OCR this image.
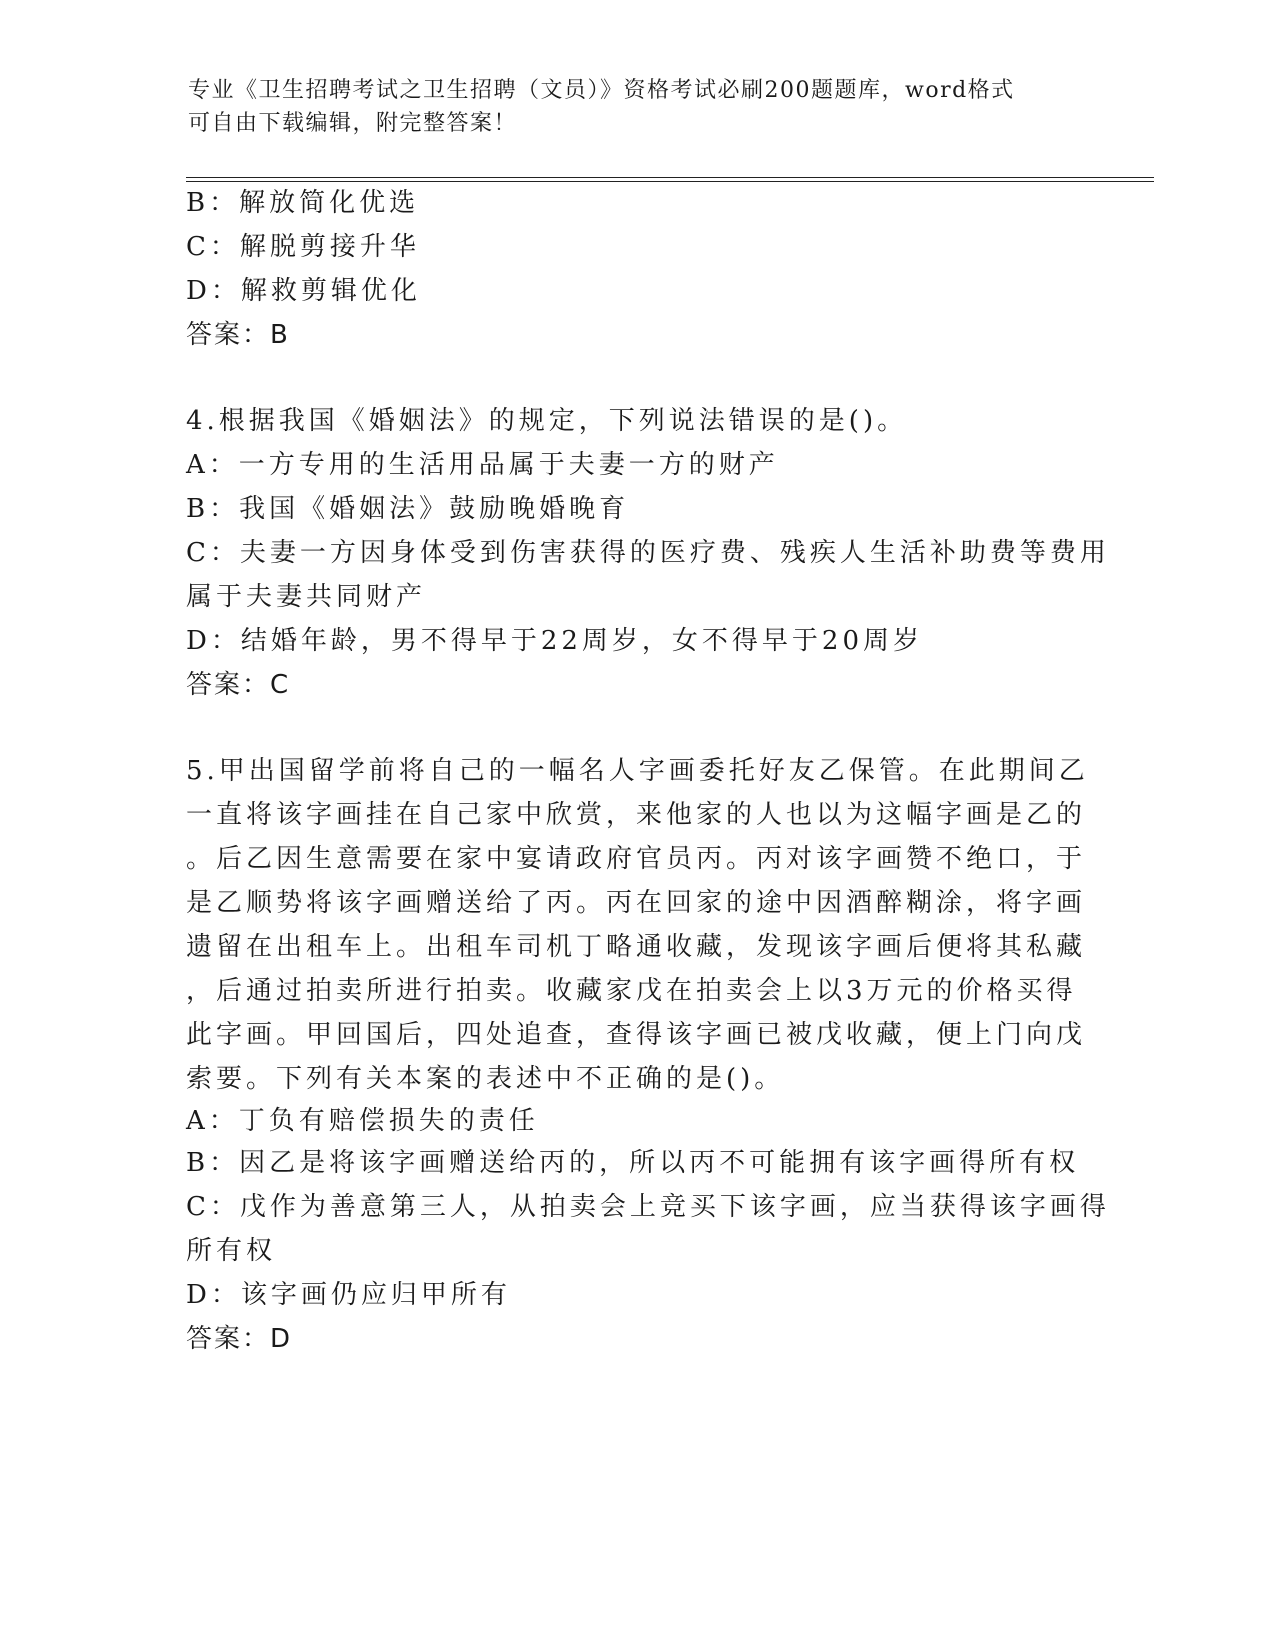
专业《卫生招聘考试之卫生招聘（文员）》资格考试必刷200题题库，word格式
可自由下载编辑，附完整答案！
B：解放简化优选
C：解脱剪接升华
D：解救剪辑优化
答案：B
4.根据我国《婚姻法》的规定，下列说法错误的是()。
A：一方专用的生活用品属于夫妻一方的财产
B：我国《婚姻法》鼓励晚婚晚育
C：夫妻一方因身体受到伤害获得的医疗费、残疾人生活补助费等费用
属于夫妻共同财产
D：结婚年龄，男不得早于22周岁，女不得早于20周岁
答案：C
5.甲出国留学前将自己的一幅名人字画委托好友乙保管。在此期间乙
一直将该字画挂在自己家中欣赏，来他家的人也以为这幅字画是乙的
。后乙因生意需要在家中宴请政府官员丙。丙对该字画赞不绝口，于
是乙顺势将该字画赠送给了丙。丙在回家的途中因酒醉糊涂，将字画
遗留在出租车上。出租车司机丁略通收藏，发现该字画后便将其私藏
，后通过拍卖所进行拍卖。收藏家戊在拍卖会上以3万元的价格买得
此字画。甲回国后，四处追查，查得该字画已被戊收藏，便上门向戊
索要。下列有关本案的表述中不正确的是()。
A：丁负有赔偿损失的责任
B：因乙是将该字画赠送给丙的，所以丙不可能拥有该字画得所有权
C：戊作为善意第三人，从拍卖会上竞买下该字画，应当获得该字画得
所有权
D：该字画仍应归甲所有
答案：D
